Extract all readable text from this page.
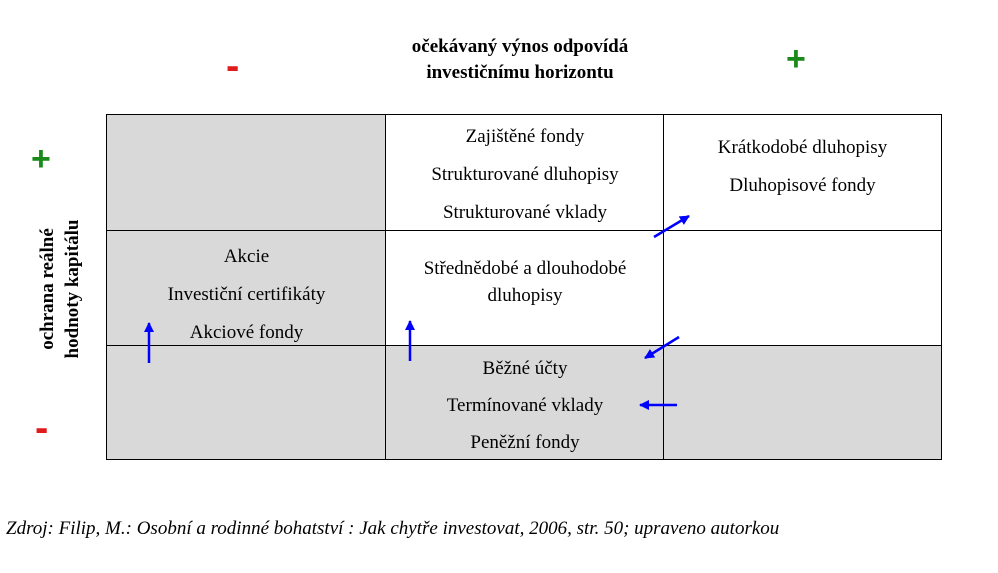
očekávaný výnos odpovídá
investičnímu horizontu
-	+
+
-
ochrana reálné hodnoty kapitálu
Zajištěné fondy
Strukturované dluhopisy
Strukturované vklady
Krátkodobé dluhopisy
Dluhopisové fondy
Střednědobé a dlouhodobé
dluhopisy
Běžné účty
Termínované vklady
Peněžní fondy
Akcie
Investiční certifikáty
Akciové fondy
Zdroj: Filip, M.: Osobní a rodinné bohatství : Jak chytře investovat, 2006, str. 50; upraveno autorkou
